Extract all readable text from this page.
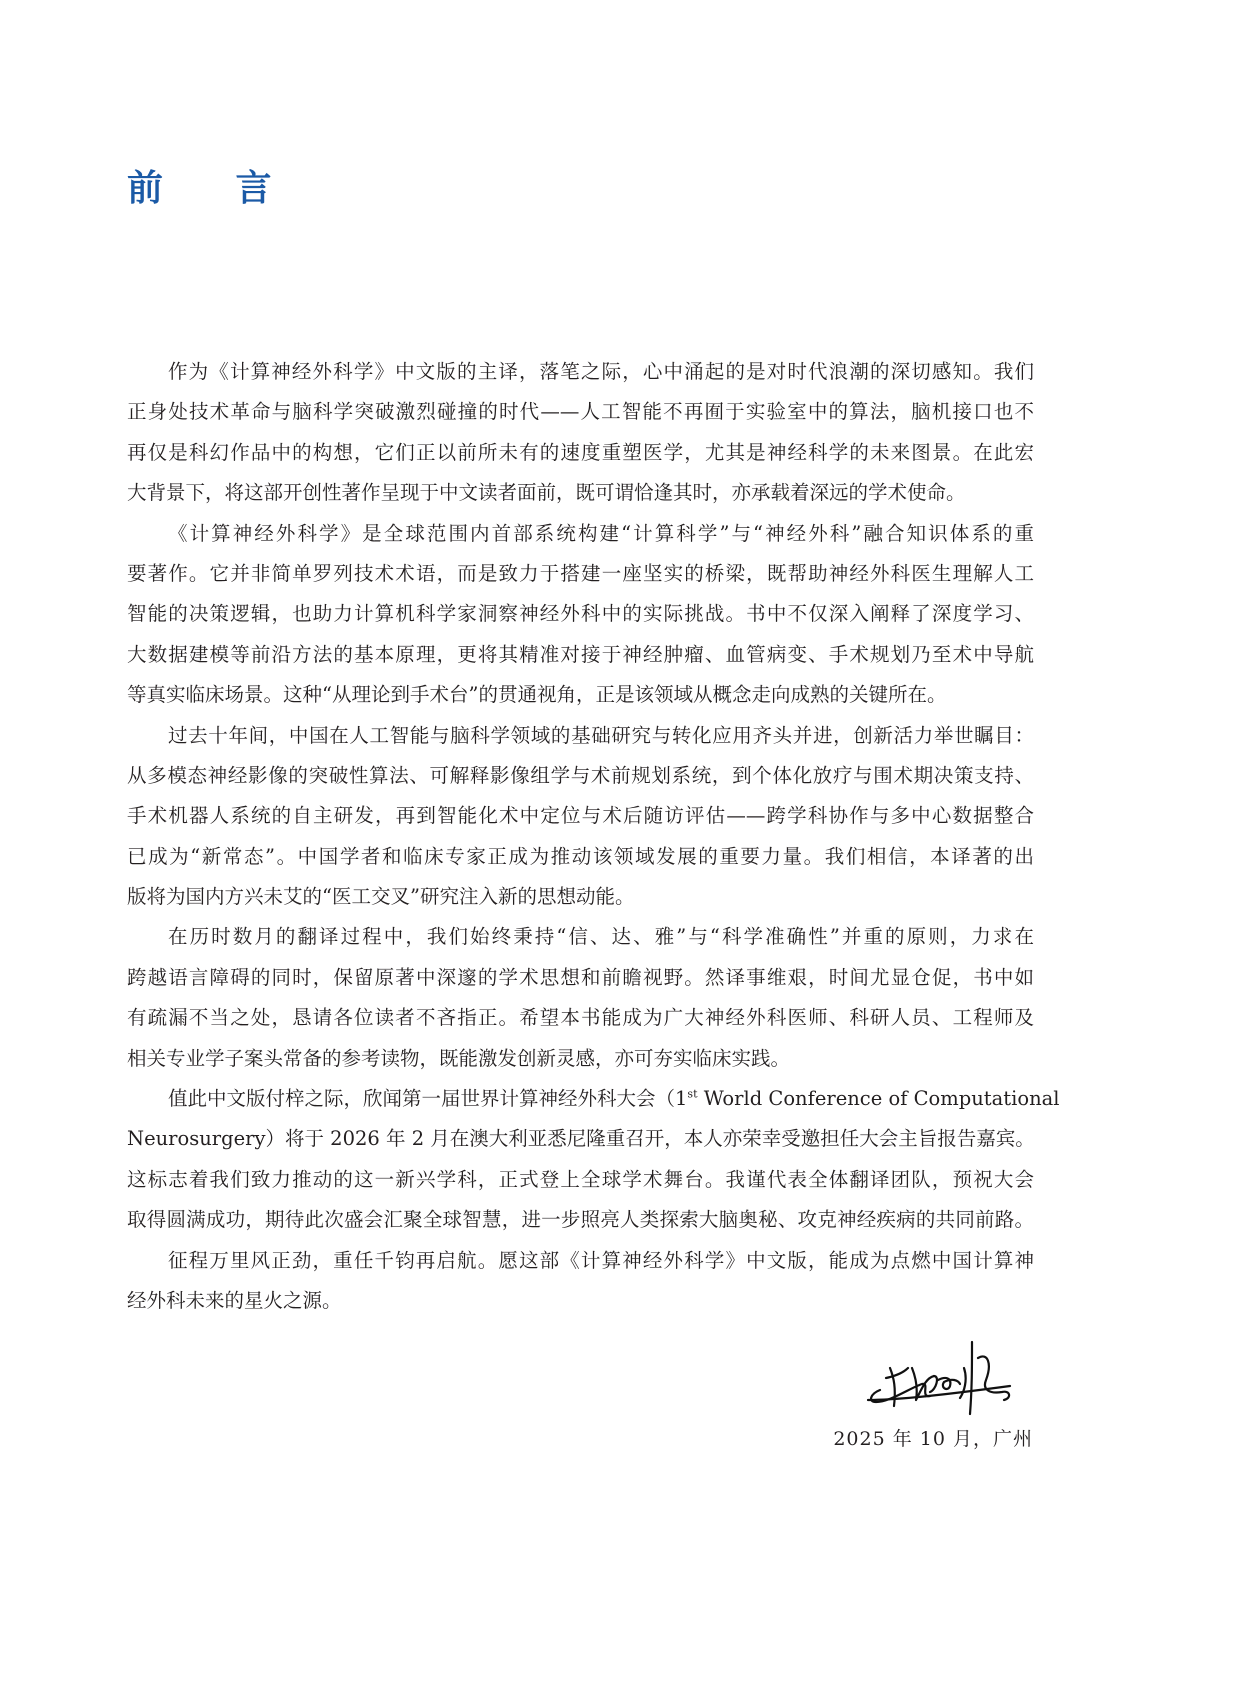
前 言
作为《计算神经外科学》中文版的主译，落笔之际，心中涌起的是对时代浪潮的深切感知。我们
正身处技术革命与脑科学突破激烈碰撞的时代——人工智能不再囿于实验室中的算法，脑机接口也不
再仅是科幻作品中的构想，它们正以前所未有的速度重塑医学，尤其是神经科学的未来图景。在此宏
大背景下，将这部开创性著作呈现于中文读者面前，既可谓恰逢其时，亦承载着深远的学术使命。
《计算神经外科学》是全球范围内首部系统构建“计算科学”与“神经外科”融合知识体系的重
要著作。它并非简单罗列技术术语，而是致力于搭建一座坚实的桥梁，既帮助神经外科医生理解人工
智能的决策逻辑，也助力计算机科学家洞察神经外科中的实际挑战。书中不仅深入阐释了深度学习、
大数据建模等前沿方法的基本原理，更将其精准对接于神经肿瘤、血管病变、手术规划乃至术中导航
等真实临床场景。这种“从理论到手术台”的贯通视角，正是该领域从概念走向成熟的关键所在。
过去十年间，中国在人工智能与脑科学领域的基础研究与转化应用齐头并进，创新活力举世瞩目：
从多模态神经影像的突破性算法、可解释影像组学与术前规划系统，到个体化放疗与围术期决策支持、
手术机器人系统的自主研发，再到智能化术中定位与术后随访评估——跨学科协作与多中心数据整合
已成为“新常态”。中国学者和临床专家正成为推动该领域发展的重要力量。我们相信，本译著的出
版将为国内方兴未艾的“医工交叉”研究注入新的思想动能。
在历时数月的翻译过程中，我们始终秉持“信、达、雅”与“科学准确性”并重的原则，力求在
跨越语言障碍的同时，保留原著中深邃的学术思想和前瞻视野。然译事维艰，时间尤显仓促，书中如
有疏漏不当之处，恳请各位读者不吝指正。希望本书能成为广大神经外科医师、科研人员、工程师及
相关专业学子案头常备的参考读物，既能激发创新灵感，亦可夯实临床实践。
值此中文版付梓之际，欣闻第一届世界计算神经外科大会（1st World Conference of Computational
Neurosurgery）将于 2026 年 2 月在澳大利亚悉尼隆重召开，本人亦荣幸受邀担任大会主旨报告嘉宾。
这标志着我们致力推动的这一新兴学科，正式登上全球学术舞台。我谨代表全体翻译团队，预祝大会
取得圆满成功，期待此次盛会汇聚全球智慧，进一步照亮人类探索大脑奥秘、攻克神经疾病的共同前路。
征程万里风正劲，重任千钧再启航。愿这部《计算神经外科学》中文版，能成为点燃中国计算神
经外科未来的星火之源。
2025 年 10 月，广州
